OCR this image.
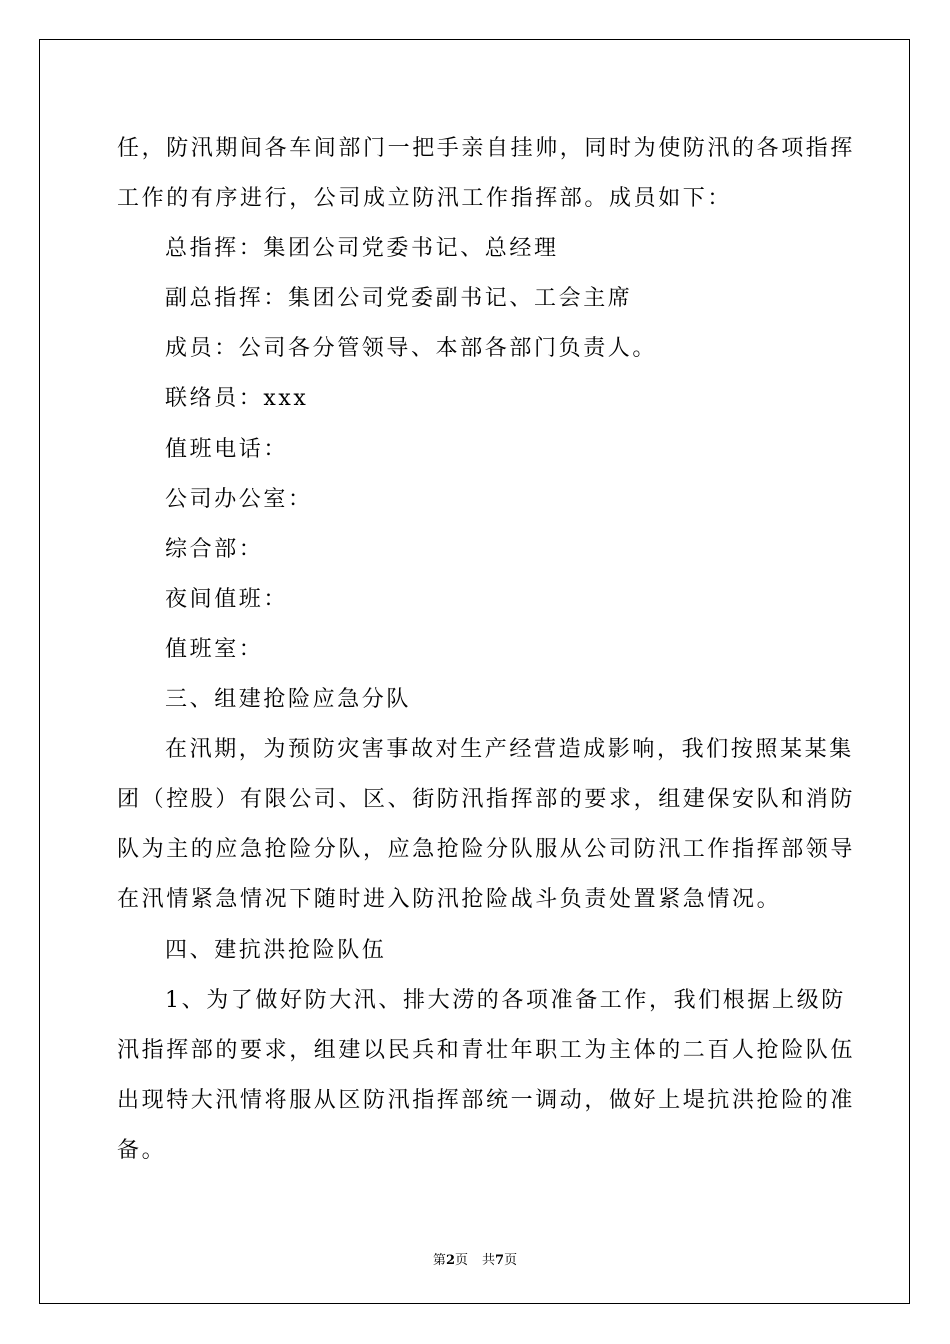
任，防汛期间各车间部门一把手亲自挂帅，同时为使防汛的各项指挥
工作的有序进行，公司成立防汛工作指挥部。成员如下：
总指挥：集团公司党委书记、总经理
副总指挥：集团公司党委副书记、工会主席
成员：公司各分管领导、本部各部门负责人。
联络员：xxx
值班电话：
公司办公室：
综合部：
夜间值班：
值班室：
三、组建抢险应急分队
在汛期，为预防灾害事故对生产经营造成影响，我们按照某某集
团（控股）有限公司、区、街防汛指挥部的要求，组建保安队和消防
队为主的应急抢险分队，应急抢险分队服从公司防汛工作指挥部领导
在汛情紧急情况下随时进入防汛抢险战斗负责处置紧急情况。
四、建抗洪抢险队伍
1、为了做好防大汛、排大涝的各项准备工作，我们根据上级防
汛指挥部的要求，组建以民兵和青壮年职工为主体的二百人抢险队伍
出现特大汛情将服从区防汛指挥部统一调动，做好上堤抗洪抢险的准
备。
第2页 共7页
